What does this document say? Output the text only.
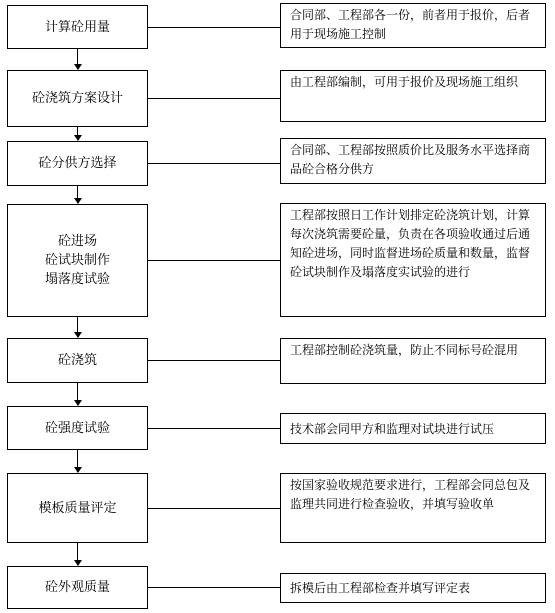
计算砼用量
砼浇筑方案设计
砼分供方选择
砼进场
砼试块制作
塌落度试验
砼浇筑
砼强度试验
模板质量评定
砼外观质量
合同部、工程部各一份，前者用于报价，后者用于现场施工控制
由工程部编制，可用于报价及现场施工组织
合同部、工程部按照质价比及服务水平选择商品砼合格分供方
工程部按照日工作计划排定砼浇筑计划，计算每次浇筑需要砼量，负责在各项验收通过后通知砼进场，同时监督进场砼质量和数量，监督砼试块制作及塌落度实试验的进行
工程部控制砼浇筑量，防止不同标号砼混用
技术部会同甲方和监理对试块进行试压
按国家验收规范要求进行，工程部会同总包及监理共同进行检查验收，并填写验收单
拆模后由工程部检查并填写评定表
